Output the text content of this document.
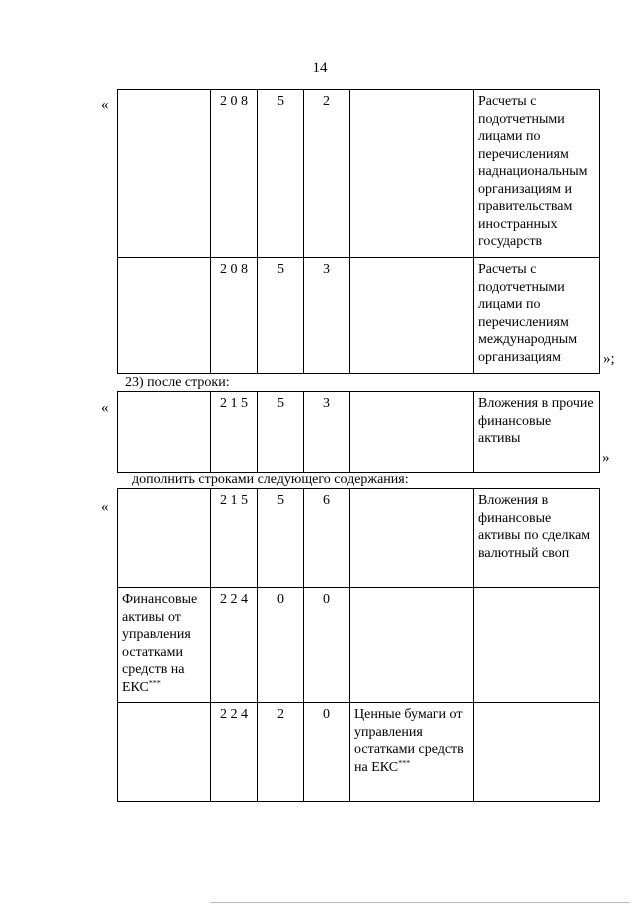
14
«
		2 0 8	5	2		Расчеты с подотчетными лицами по перечислениям наднациональным организациям и правительствам иностранных государств
	2 0 8	5	3		Расчеты с подотчетными лицами по перечислениям международным организациям	»;
23) после строки:
«
		2 1 5	5	3		Вложения в прочие финансовые активы
»
дополнить строками следующего содержания:
«
		2 1 5	5	6		Вложения в финансовые активы по сделкам валютный своп
Финансовые активы от управления остатками средств на ЕКС***	2 2 4	0	0		
	2 2 4	2	0	Ценные бумаги от управления остатками средств на ЕКС***	
